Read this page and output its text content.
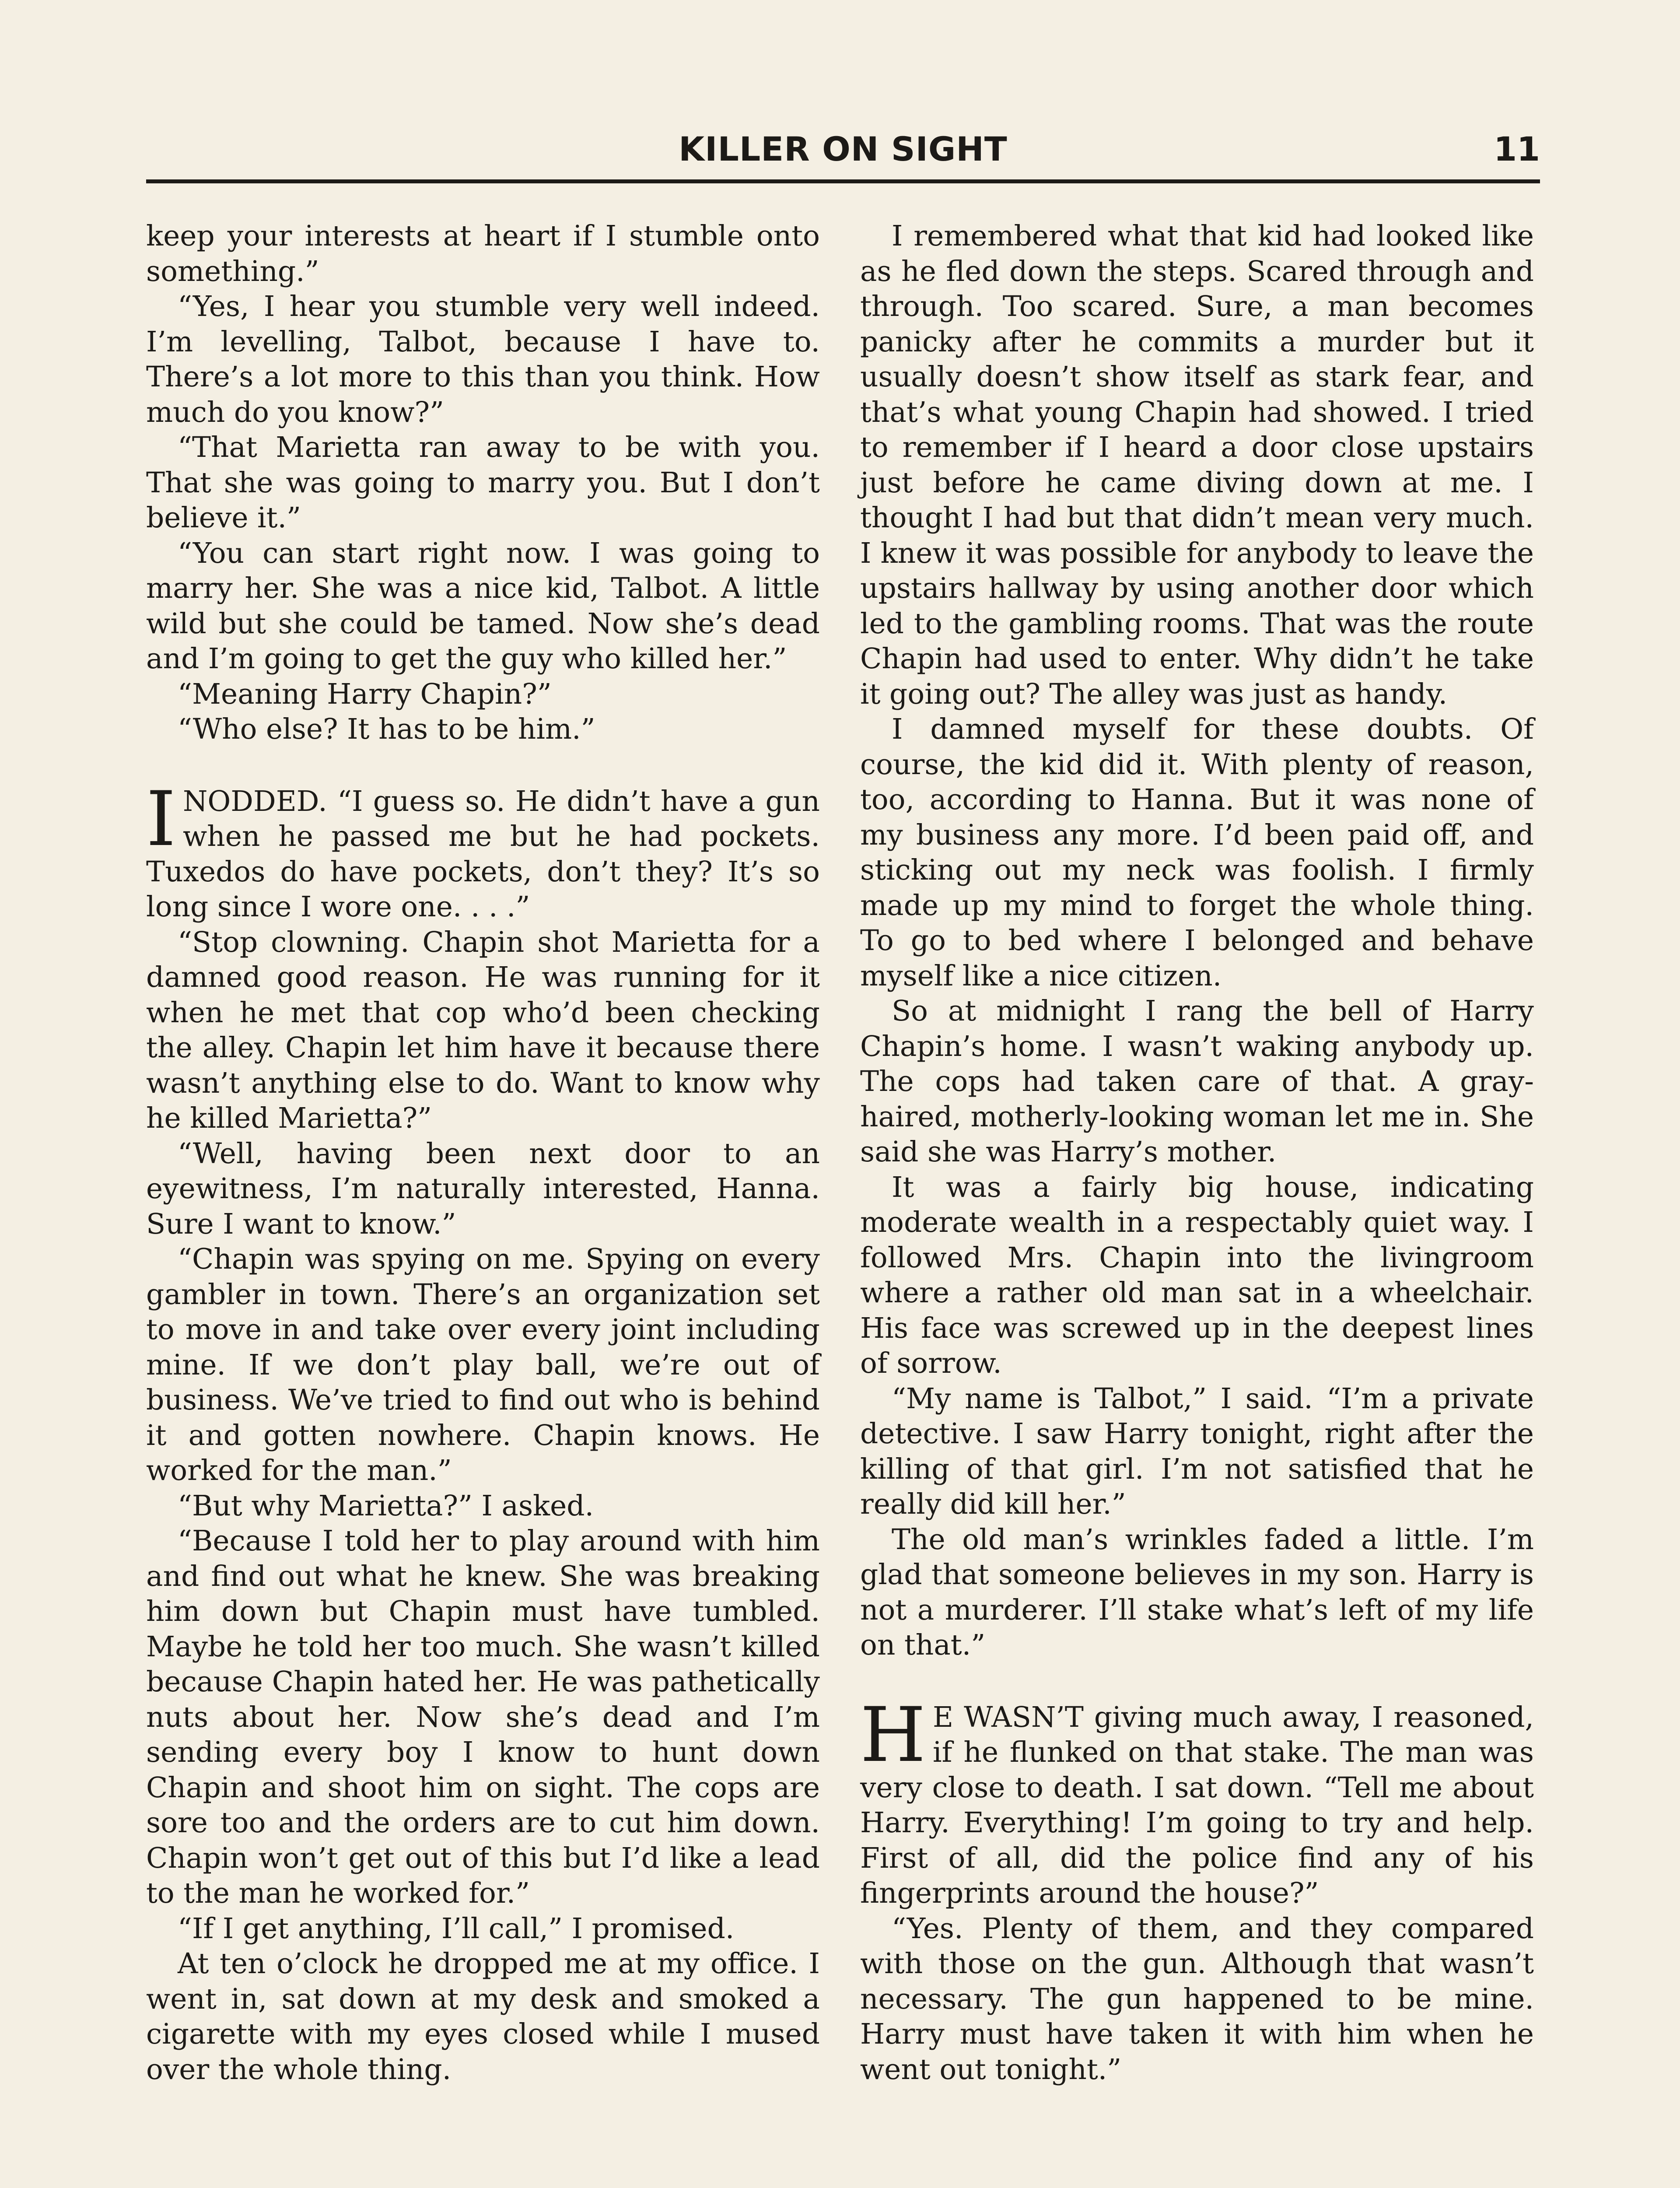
KILLER ON SIGHT	11

keep your interests at heart if I stumble onto something.”

“Yes, I hear you stumble very well indeed. I’m levelling, Talbot, because I have to. There’s a lot more to this than you think. How much do you know?”

“That Marietta ran away to be with you. That she was going to marry you. But I don’t believe it.”

“You can start right now. I was going to marry her. She was a nice kid, Talbot. A little wild but she could be tamed. Now she’s dead and I’m going to get the guy who killed her.”

“Meaning Harry Chapin?”

“Who else? It has to be him.”

INODDED. “I guess so. He didn’t have a gun when he passed me but he had pockets. Tuxedos do have pockets, don’t they? It’s so long since I wore one. . . .”

“Stop clowning. Chapin shot Marietta for a damned good reason. He was running for it when he met that cop who’d been checking the alley. Chapin let him have it because there wasn’t anything else to do. Want to know why he killed Marietta?”

“Well, having been next door to an eyewitness, I’m naturally interested, Hanna. Sure I want to know.”

“Chapin was spying on me. Spying on every gambler in town. There’s an organization set to move in and take over every joint including mine. If we don’t play ball, we’re out of business. We’ve tried to find out who is behind it and gotten nowhere. Chapin knows. He worked for the man.”

“But why Marietta?” I asked.

“Because I told her to play around with him and find out what he knew. She was breaking him down but Chapin must have tumbled. Maybe he told her too much. She wasn’t killed because Chapin hated her. He was pathetically nuts about her. Now she’s dead and I’m sending every boy I know to hunt down Chapin and shoot him on sight. The cops are sore too and the orders are to cut him down. Chapin won’t get out of this but I’d like a lead to the man he worked for.”

“If I get anything, I’ll call,” I promised.

At ten o’clock he dropped me at my office. I went in, sat down at my desk and smoked a cigarette with my eyes closed while I mused over the whole thing.

I remembered what that kid had looked like as he fled down the steps. Scared through and through. Too scared. Sure, a man becomes panicky after he commits a murder but it usually doesn’t show itself as stark fear, and that’s what young Chapin had showed. I tried to remember if I heard a door close upstairs just before he came diving down at me. I thought I had but that didn’t mean very much. I knew it was possible for anybody to leave the upstairs hallway by using another door which led to the gambling rooms. That was the route Chapin had used to enter. Why didn’t he take it going out? The alley was just as handy.

I damned myself for these doubts. Of course, the kid did it. With plenty of reason, too, according to Hanna. But it was none of my business any more. I’d been paid off, and sticking out my neck was foolish. I firmly made up my mind to forget the whole thing. To go to bed where I belonged and behave myself like a nice citizen.

So at midnight I rang the bell of Harry Chapin’s home. I wasn’t waking anybody up. The cops had taken care of that. A gray-haired, motherly-looking woman let me in. She said she was Harry’s mother.

It was a fairly big house, indicating moderate wealth in a respectably quiet way. I followed Mrs. Chapin into the livingroom where a rather old man sat in a wheelchair. His face was screwed up in the deepest lines of sorrow.

“My name is Talbot,” I said. “I’m a private detective. I saw Harry tonight, right after the killing of that girl. I’m not satisfied that he really did kill her.”

The old man’s wrinkles faded a little. I’m glad that someone believes in my son. Harry is not a murderer. I’ll stake what’s left of my life on that.”

H E WASN’T giving much away, I reasoned, if he flunked on that stake. The man was very close to death. I sat down. “Tell me about Harry. Everything! I’m going to try and help. First of all, did the police find any of his fingerprints around the house?”

“Yes. Plenty of them, and they compared with those on the gun. Although that wasn’t necessary. The gun happened to be mine. Harry must have taken it with him when he went out tonight.”
